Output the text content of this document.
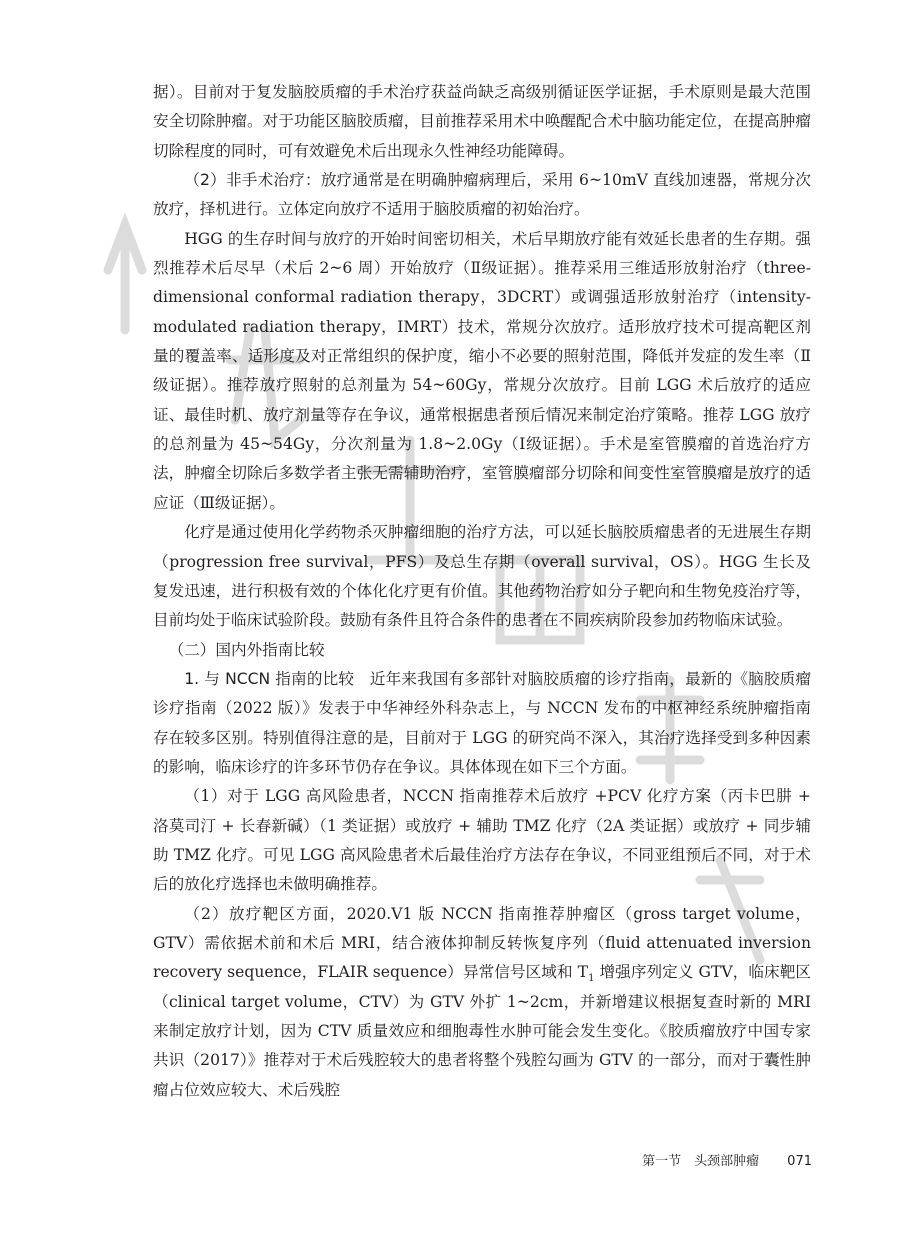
据）。目前对于复发脑胶质瘤的手术治疗获益尚缺乏高级别循证医学证据，手术原则是最大范围安全切除肿瘤。对于功能区脑胶质瘤，目前推荐采用术中唤醒配合术中脑功能定位，在提高肿瘤切除程度的同时，可有效避免术后出现永久性神经功能障碍。

（2）非手术治疗：放疗通常是在明确肿瘤病理后，采用 6~10mV 直线加速器，常规分次放疗，择机进行。立体定向放疗不适用于脑胶质瘤的初始治疗。

HGG 的生存时间与放疗的开始时间密切相关，术后早期放疗能有效延长患者的生存期。强烈推荐术后尽早（术后 2~6 周）开始放疗（Ⅱ级证据）。推荐采用三维适形放射治疗（three-dimensional conformal radiation therapy，3DCRT）或调强适形放射治疗（intensity-modulated radiation therapy，IMRT）技术，常规分次放疗。适形放疗技术可提高靶区剂量的覆盖率、适形度及对正常组织的保护度，缩小不必要的照射范围，降低并发症的发生率（Ⅱ级证据）。推荐放疗照射的总剂量为 54~60Gy，常规分次放疗。目前 LGG 术后放疗的适应证、最佳时机、放疗剂量等存在争议，通常根据患者预后情况来制定治疗策略。推荐 LGG 放疗的总剂量为 45~54Gy，分次剂量为 1.8~2.0Gy（Ⅰ级证据）。手术是室管膜瘤的首选治疗方法，肿瘤全切除后多数学者主张无需辅助治疗，室管膜瘤部分切除和间变性室管膜瘤是放疗的适应证（Ⅲ级证据）。

化疗是通过使用化学药物杀灭肿瘤细胞的治疗方法，可以延长脑胶质瘤患者的无进展生存期（progression free survival，PFS）及总生存期（overall survival，OS）。HGG 生长及复发迅速，进行积极有效的个体化化疗更有价值。其他药物治疗如分子靶向和生物免疫治疗等，目前均处于临床试验阶段。鼓励有条件且符合条件的患者在不同疾病阶段参加药物临床试验。

（二）国内外指南比较

1. 与 NCCN 指南的比较　 近年来我国有多部针对脑胶质瘤的诊疗指南，最新的《脑胶质瘤诊疗指南（2022 版）》发表于中华神经外科杂志上，与 NCCN 发布的中枢神经系统肿瘤指南存在较多区别。特别值得注意的是，目前对于 LGG 的研究尚不深入，其治疗选择受到多种因素的影响，临床诊疗的许多环节仍存在争议。具体体现在如下三个方面。

（1）对于 LGG 高风险患者，NCCN 指南推荐术后放疗 +PCV 化疗方案（丙卡巴肼 + 洛莫司汀 + 长春新碱）（1 类证据）或放疗 + 辅助 TMZ 化疗（2A 类证据）或放疗 + 同步辅助 TMZ 化疗。可见 LGG 高风险患者术后最佳治疗方法存在争议，不同亚组预后不同，对于术后的放化疗选择也未做明确推荐。

（2）放疗靶区方面，2020.V1 版 NCCN 指南推荐肿瘤区（gross target volume，GTV）需依据术前和术后 MRI，结合液体抑制反转恢复序列（fluid attenuated inversion recovery sequence，FLAIR sequence）异常信号区域和 $T_1$ 增强序列定义 GTV，临床靶区（clinical target volume，CTV）为 GTV 外扩 1~2cm，并新增建议根据复查时新的 MRI 来制定放疗计划，因为 CTV 质量效应和细胞毒性水肿可能会发生变化。《胶质瘤放疗中国专家共识（2017）》推荐对于术后残腔较大的患者将整个残腔勾画为 GTV 的一部分，而对于囊性肿瘤占位效应较大、术后残腔

第一节　头颈部肿瘤 071
